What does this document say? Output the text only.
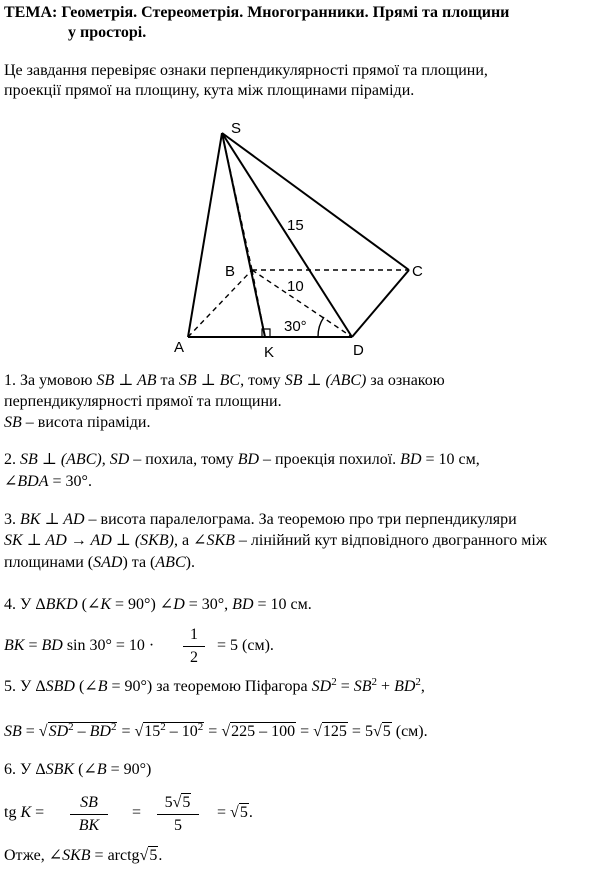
ТЕМА: Геометрія. Стереометрія. Многогранники. Прямі та площини
у просторі.
Це завдання перевіряє ознаки перпендикулярності прямої та площини,
проекції прямої на площину, кута між площинами піраміди.
S
A
B	C
D
K
15
10
30°
1. За умовою SB ⊥ AB та SB ⊥ BC, тому SB ⊥ (ABC) за ознакою
перпендикулярності прямої та площини.
SB – висота піраміди.
2. SB ⊥ (ABC), SD – похила, тому BD – проекція похилої. BD = 10 см,
∠BDA = 30°.
3. BK ⊥ AD – висота паралелограма. За теоремою про три перпендикуляри
SK ⊥ AD → AD ⊥ (SKB), а ∠SKB – лінійний кут відповідного двогранного між
площинами (SAD) та (ABC).
4. У ΔBKD (∠K = 90°) ∠D = 30°, BD = 10 см.
BK = BD sin 30° = 10 ·
1
2
= 5 (см).
5. У ΔSBD (∠B = 90°) за теоремою Піфагора $SD^2 = SB^2 + BD^2$,
SB = $√SD^2 - BD^2 = √15^2 - 10^2 = √225 - 100 = √125 = 5√5$ (см).
6. У ΔSBK (∠B = 90°)
tg K =
SB
BK
=
5√5
5
= √5.
Отже, ∠SKB = arctg√5.
